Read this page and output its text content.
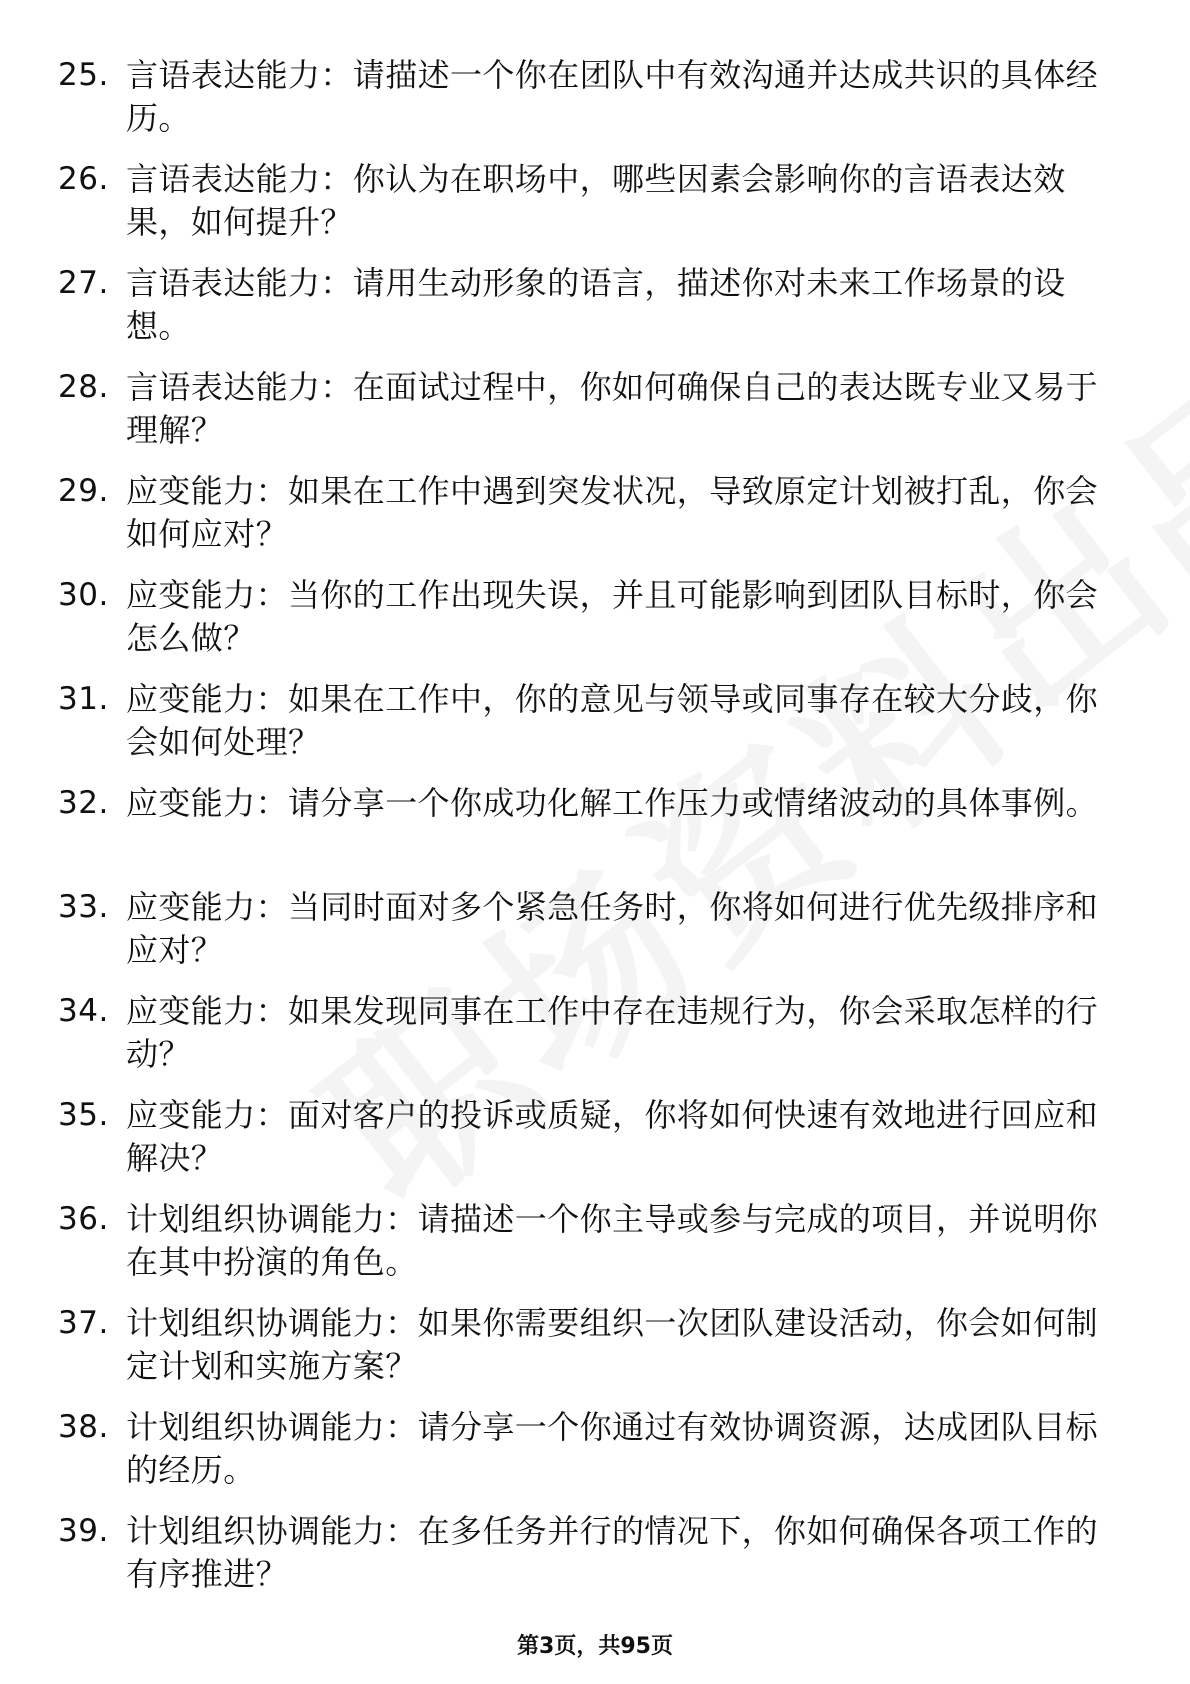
25. 言语表达能力：请描述一个你在团队中有效沟通并达成共识的具体经历。
26. 言语表达能力：你认为在职场中，哪些因素会影响你的言语表达效果，如何提升？
27. 言语表达能力：请用生动形象的语言，描述你对未来工作场景的设想。
28. 言语表达能力：在面试过程中，你如何确保自己的表达既专业又易于理解？
29. 应变能力：如果在工作中遇到突发状况，导致原定计划被打乱，你会如何应对？
30. 应变能力：当你的工作出现失误，并且可能影响到团队目标时，你会怎么做？
31. 应变能力：如果在工作中，你的意见与领导或同事存在较大分歧，你会如何处理？
32. 应变能力：请分享一个你成功化解工作压力或情绪波动的具体事例。
33. 应变能力：当同时面对多个紧急任务时，你将如何进行优先级排序和应对？
34. 应变能力：如果发现同事在工作中存在违规行为，你会采取怎样的行动？
35. 应变能力：面对客户的投诉或质疑，你将如何快速有效地进行回应和解决？
36. 计划组织协调能力：请描述一个你主导或参与完成的项目，并说明你在其中扮演的角色。
37. 计划组织协调能力：如果你需要组织一次团队建设活动，你会如何制定计划和实施方案？
38. 计划组织协调能力：请分享一个你通过有效协调资源，达成团队目标的经历。
39. 计划组织协调能力：在多任务并行的情况下，你如何确保各项工作的有序推进？
第3页，共95页
